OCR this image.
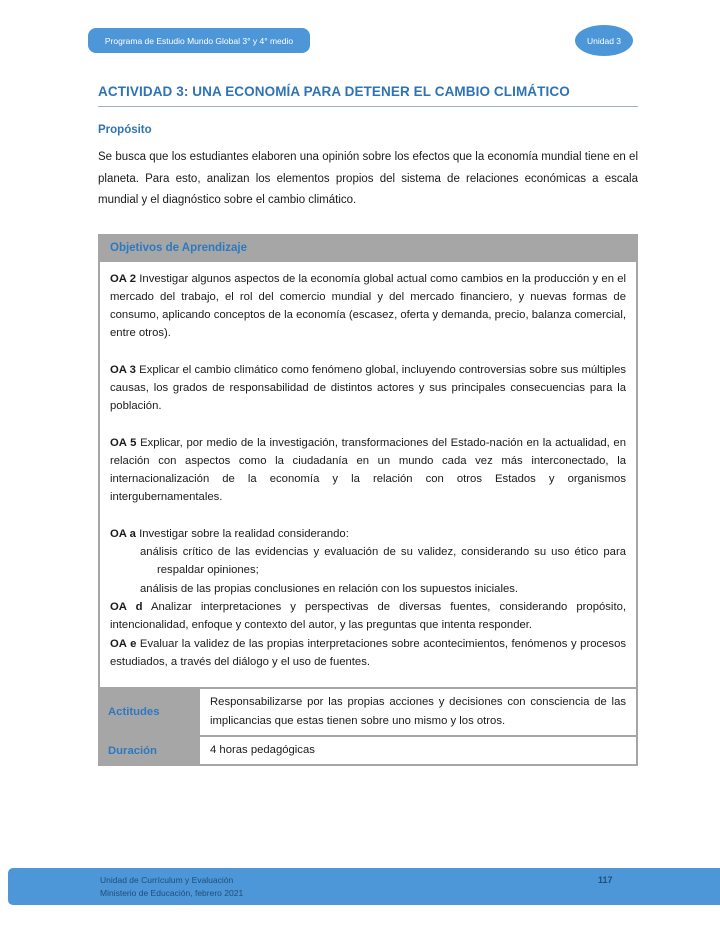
Programa de Estudio Mundo Global 3° y 4° medio	Unidad 3
ACTIVIDAD 3: UNA ECONOMÍA PARA DETENER EL CAMBIO CLIMÁTICO
Propósito

Se busca que los estudiantes elaboren una opinión sobre los efectos que la economía mundial tiene en el planeta. Para esto, analizan los elementos propios del sistema de relaciones económicas a escala mundial y el diagnóstico sobre el cambio climático.

Objetivos de Aprendizaje	

OA 2 Investigar algunos aspectos de la economía global actual como cambios en la producción y en el mercado del trabajo, el rol del comercio mundial y del mercado financiero, y nuevas formas de consumo, aplicando conceptos de la economía (escasez, oferta y demanda, precio, balanza comercial, entre otros).

OA 3 Explicar el cambio climático como fenómeno global, incluyendo controversias sobre sus múltiples causas, los grados de responsabilidad de distintos actores y sus principales consecuencias para la población.

OA 5 Explicar, por medio de la investigación, transformaciones del Estado-nación en la actualidad, en relación con aspectos como la ciudadanía en un mundo cada vez más interconectado, la internacionalización de la economía y la relación con otros Estados y organismos intergubernamentales.

OA a Investigar sobre la realidad considerando:

análisis crítico de las evidencias y evaluación de su validez, considerando su uso ético para respaldar opiniones;

análisis de las propias conclusiones en relación con los supuestos iniciales.

OA d Analizar interpretaciones y perspectivas de diversas fuentes, considerando propósito, intencionalidad, enfoque y contexto del autor, y las preguntas que intenta responder.

OA e Evaluar la validez de las propias interpretaciones sobre acontecimientos, fenómenos y procesos estudiados, a través del diálogo y el uso de fuentes.

Actitudes	Responsabilizarse por las propias acciones y decisiones con consciencia de las implicancias que estas tienen sobre uno mismo y los otros.
Duración	4 horas pedagógicas
Unidad de Currículum y Evaluación
Ministerio de Educación, febrero 2021
117
